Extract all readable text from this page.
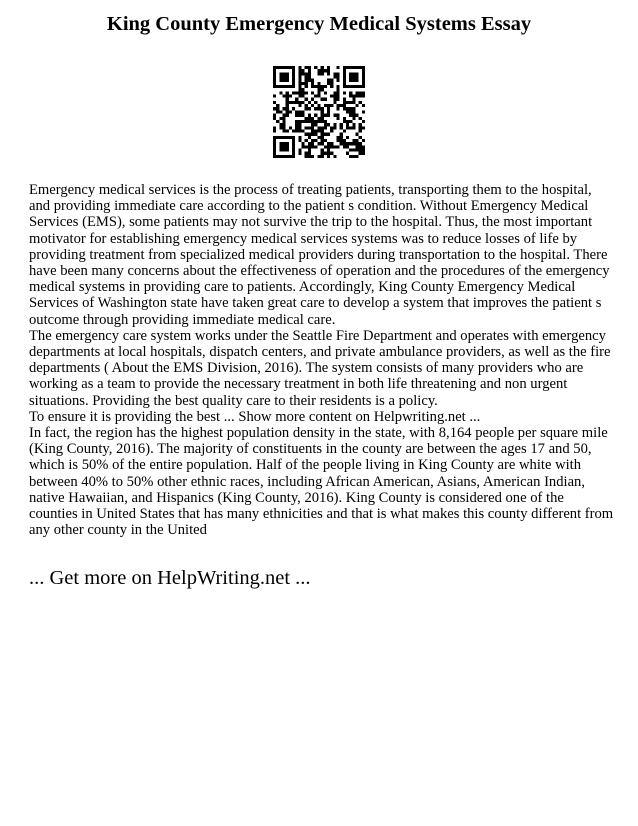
King County Emergency Medical Systems Essay

Emergency medical services is the process of treating patients, transporting them to the hospital, and providing immediate care according to the patient s condition. Without Emergency Medical Services (EMS), some patients may not survive the trip to the hospital. Thus, the most important motivator for establishing emergency medical services systems was to reduce losses of life by providing treatment from specialized medical providers during transportation to the hospital. There have been many concerns about the effectiveness of operation and the procedures of the emergency medical systems in providing care to patients. Accordingly, King County Emergency Medical Services of Washington state have taken great care to develop a system that improves the patient s outcome through providing immediate medical care.

The emergency care system works under the Seattle Fire Department and operates with emergency departments at local hospitals, dispatch centers, and private ambulance providers, as well as the fire departments ( About the EMS Division, 2016). The system consists of many providers who are working as a team to provide the necessary treatment in both life threatening and non urgent situations. Providing the best quality care to their residents is a policy.

To ensure it is providing the best ... Show more content on Helpwriting.net ...

In fact, the region has the highest population density in the state, with 8,164 people per square mile (King County, 2016). The majority of constituents in the county are between the ages 17 and 50, which is 50% of the entire population. Half of the people living in King County are white with between 40% to 50% other ethnic races, including African American, Asians, American Indian, native Hawaiian, and Hispanics (King County, 2016). King County is considered one of the counties in United States that has many ethnicities and that is what makes this county different from any other county in the United

... Get more on HelpWriting.net ...
